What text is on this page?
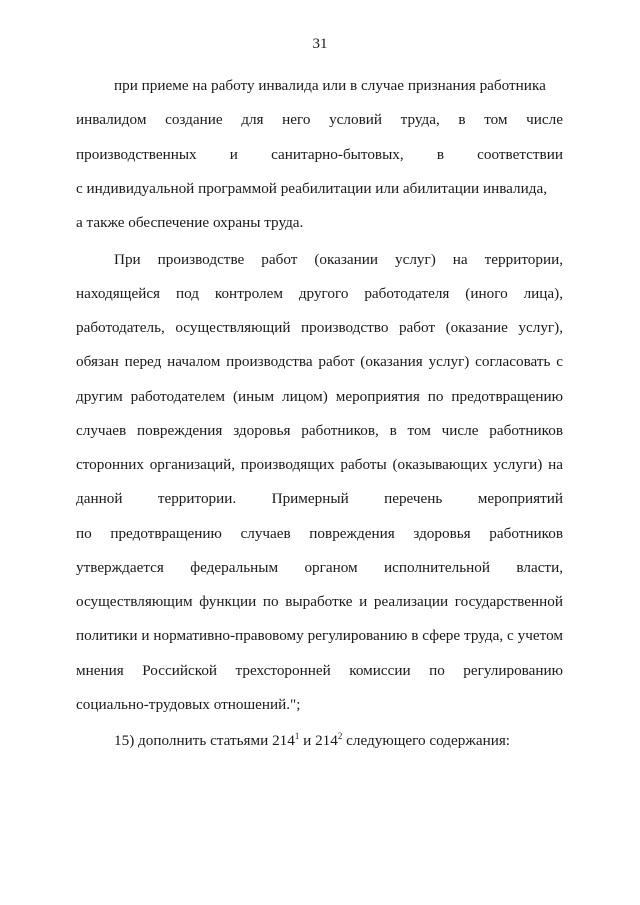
31
при приеме на работу инвалида или в случае признания работника
инвалидом создание для него условий труда, в том числе
производственных и санитарно-бытовых, в соответствии
с индивидуальной программой реабилитации или абилитации инвалида,
а также обеспечение охраны труда.
При производстве работ (оказании услуг) на территории,
находящейся под контролем другого работодателя (иного лица),
работодатель, осуществляющий производство работ (оказание услуг),
обязан перед началом производства работ (оказания услуг) согласовать с
другим работодателем (иным лицом) мероприятия по предотвращению
случаев повреждения здоровья работников, в том числе работников
сторонних организаций, производящих работы (оказывающих услуги) на
данной территории. Примерный перечень мероприятий
по предотвращению случаев повреждения здоровья работников
утверждается федеральным органом исполнительной власти,
осуществляющим функции по выработке и реализации государственной
политики и нормативно-правовому регулированию в сфере труда, с учетом
мнения Российской трехсторонней комиссии по регулированию
социально-трудовых отношений.";
15) дополнить статьями $214^1$ и $214^2$ следующего содержания:
